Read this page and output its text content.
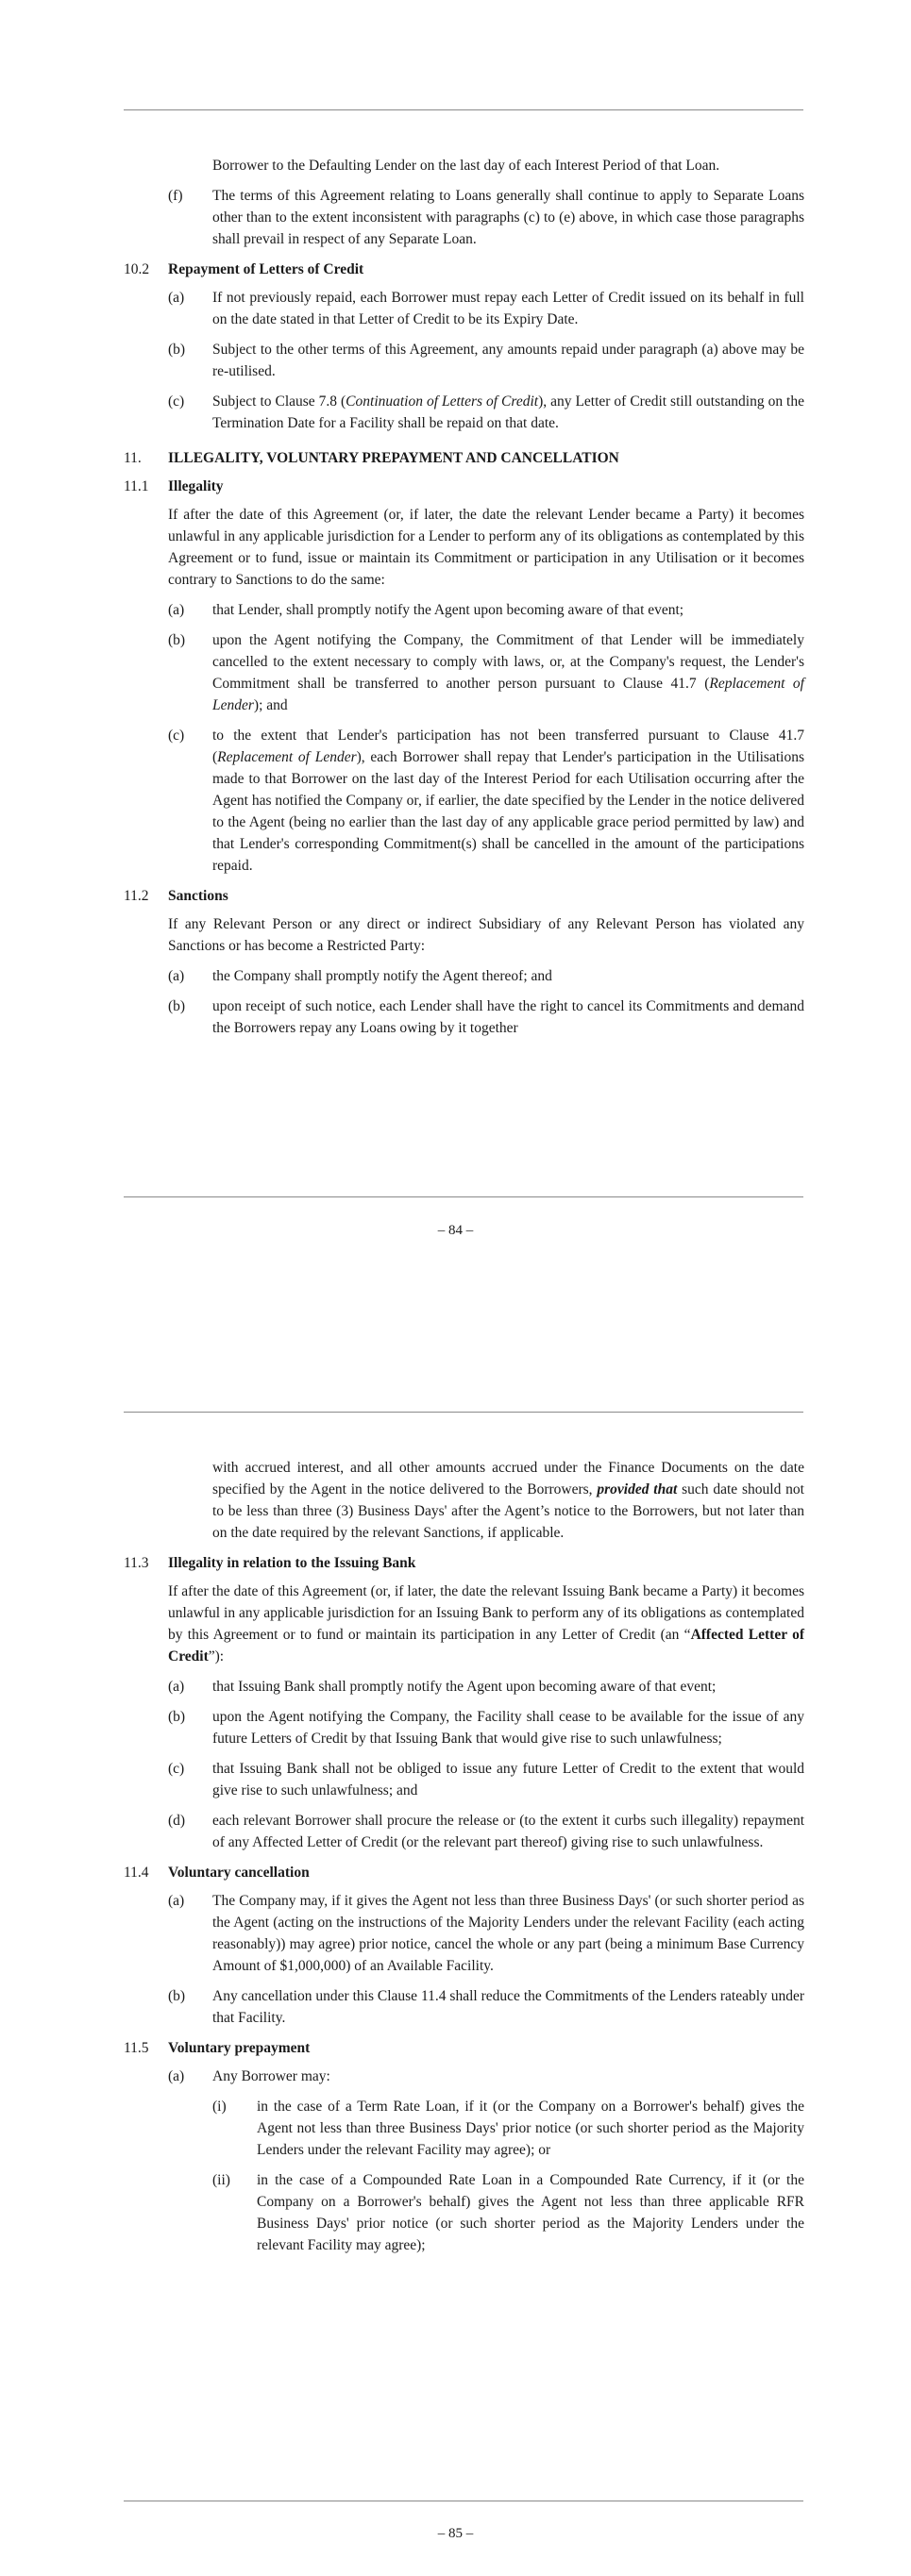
Borrower to the Defaulting Lender on the last day of each Interest Period of that Loan.

(f)	The terms of this Agreement relating to Loans generally shall continue to apply to Separate Loans other than to the extent inconsistent with paragraphs (c) to (e) above, in which case those paragraphs shall prevail in respect of any Separate Loan.
10.2	Repayment of Letters of Credit
(a)	If not previously repaid, each Borrower must repay each Letter of Credit issued on its behalf in full on the date stated in that Letter of Credit to be its Expiry Date.
(b)	Subject to the other terms of this Agreement, any amounts repaid under paragraph (a) above may be re-utilised.
(c)	Subject to Clause 7.8 (Continuation of Letters of Credit), any Letter of Credit still outstanding on the Termination Date for a Facility shall be repaid on that date.
11.	ILLEGALITY, VOLUNTARY PREPAYMENT AND CANCELLATION
11.1	Illegality

If after the date of this Agreement (or, if later, the date the relevant Lender became a Party) it becomes unlawful in any applicable jurisdiction for a Lender to perform any of its obligations as contemplated by this Agreement or to fund, issue or maintain its Commitment or participation in any Utilisation or it becomes contrary to Sanctions to do the same:

(a)	that Lender, shall promptly notify the Agent upon becoming aware of that event;
(b)	upon the Agent notifying the Company, the Commitment of that Lender will be immediately cancelled to the extent necessary to comply with laws, or, at the Company's request, the Lender's Commitment shall be transferred to another person pursuant to Clause 41.7 (Replacement of Lender); and
(c)	to the extent that Lender's participation has not been transferred pursuant to Clause 41.7 (Replacement of Lender), each Borrower shall repay that Lender's participation in the Utilisations made to that Borrower on the last day of the Interest Period for each Utilisation occurring after the Agent has notified the Company or, if earlier, the date specified by the Lender in the notice delivered to the Agent (being no earlier than the last day of any applicable grace period permitted by law) and that Lender's corresponding Commitment(s) shall be cancelled in the amount of the participations repaid.
11.2	Sanctions

If any Relevant Person or any direct or indirect Subsidiary of any Relevant Person has violated any Sanctions or has become a Restricted Party:

(a)	the Company shall promptly notify the Agent thereof; and
(b)	upon receipt of such notice, each Lender shall have the right to cancel its Commitments and demand the Borrowers repay any Loans owing by it together
– 84 –

with accrued interest, and all other amounts accrued under the Finance Documents on the date specified by the Agent in the notice delivered to the Borrowers, provided that such date should not to be less than three (3) Business Days' after the Agent’s notice to the Borrowers, but not later than on the date required by the relevant Sanctions, if applicable.

11.3	Illegality in relation to the Issuing Bank

If after the date of this Agreement (or, if later, the date the relevant Issuing Bank became a Party) it becomes unlawful in any applicable jurisdiction for an Issuing Bank to perform any of its obligations as contemplated by this Agreement or to fund or maintain its participation in any Letter of Credit (an “Affected Letter of Credit”):

(a)	that Issuing Bank shall promptly notify the Agent upon becoming aware of that event;
(b)	upon the Agent notifying the Company, the Facility shall cease to be available for the issue of any future Letters of Credit by that Issuing Bank that would give rise to such unlawfulness;
(c)	that Issuing Bank shall not be obliged to issue any future Letter of Credit to the extent that would give rise to such unlawfulness; and
(d)	each relevant Borrower shall procure the release or (to the extent it curbs such illegality) repayment of any Affected Letter of Credit (or the relevant part thereof) giving rise to such unlawfulness.
11.4	Voluntary cancellation
(a)	The Company may, if it gives the Agent not less than three Business Days' (or such shorter period as the Agent (acting on the instructions of the Majority Lenders under the relevant Facility (each acting reasonably)) may agree) prior notice, cancel the whole or any part (being a minimum Base Currency Amount of $1,000,000) of an Available Facility.
(b)	Any cancellation under this Clause 11.4 shall reduce the Commitments of the Lenders rateably under that Facility.
11.5	Voluntary prepayment
(a)	Any Borrower may:
(i)	in the case of a Term Rate Loan, if it (or the Company on a Borrower's behalf) gives the Agent not less than three Business Days' prior notice (or such shorter period as the Majority Lenders under the relevant Facility may agree); or
(ii)	in the case of a Compounded Rate Loan in a Compounded Rate Currency, if it (or the Company on a Borrower's behalf) gives the Agent not less than three applicable RFR Business Days' prior notice (or such shorter period as the Majority Lenders under the relevant Facility may agree);
– 85 –
